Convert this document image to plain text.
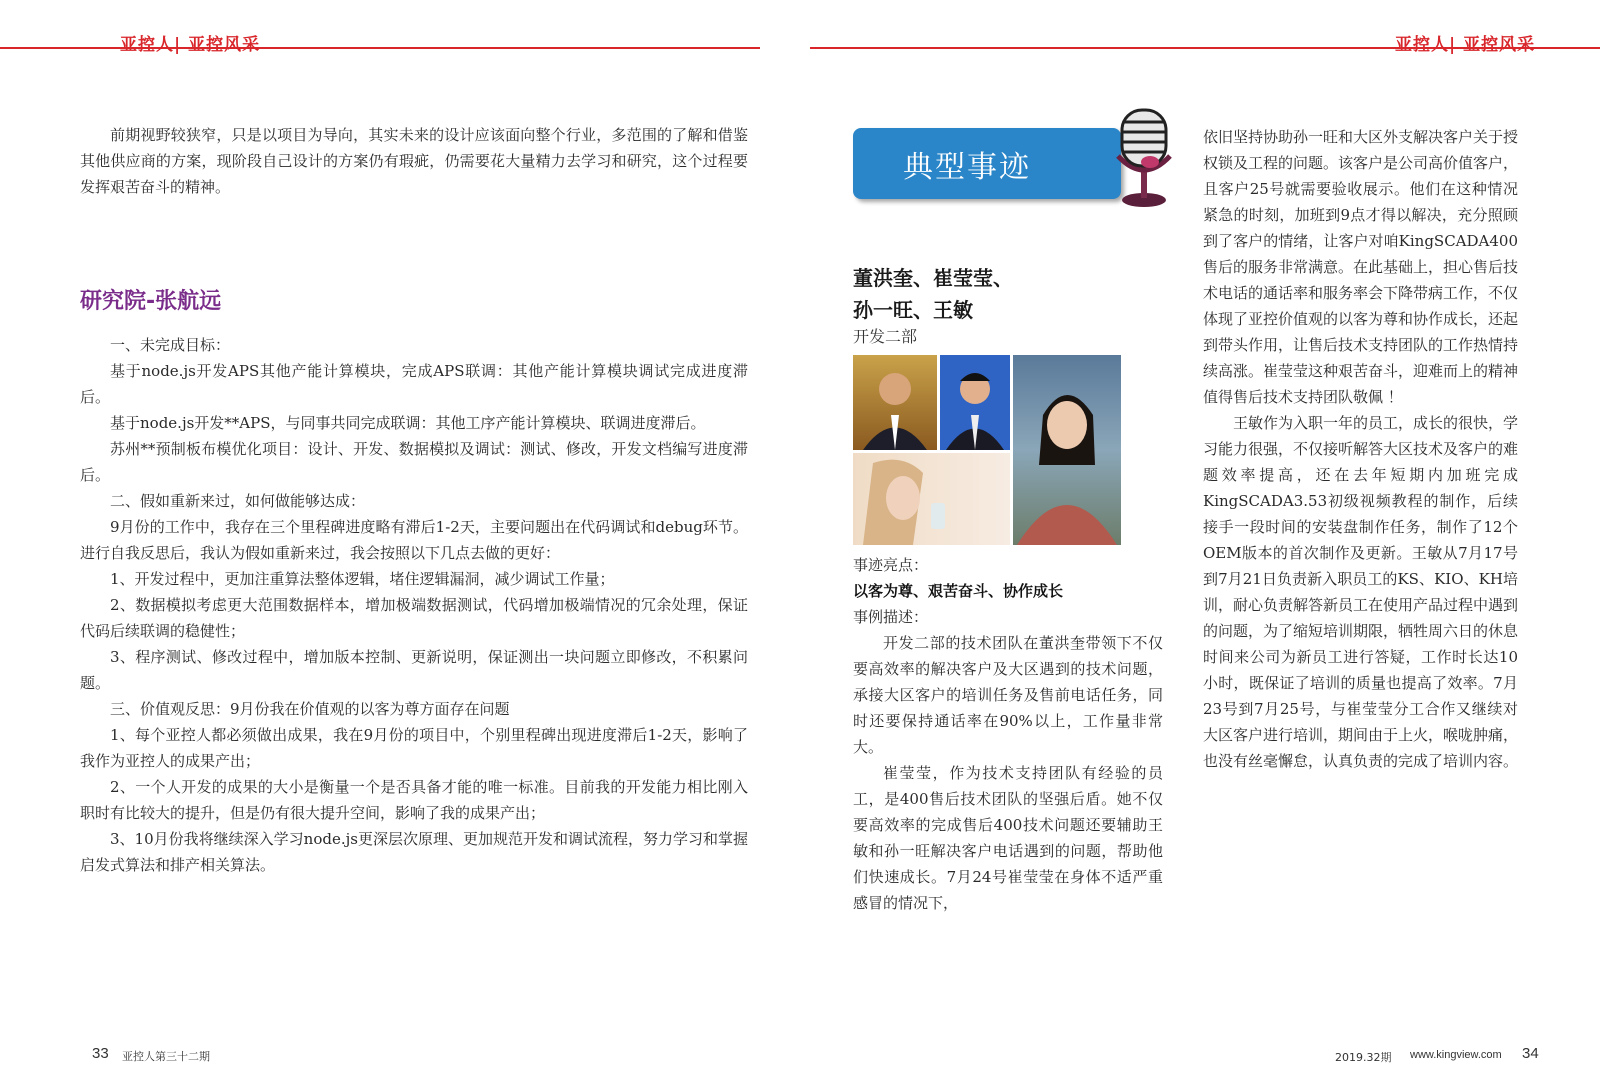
亚控人| 亚控风采	亚控人| 亚控风采

前期视野较狭窄，只是以项目为导向，其实未来的设计应该面向整个行业，多范围的了解和借鉴其他供应商的方案，现阶段自己设计的方案仍有瑕疵，仍需要花大量精力去学习和研究，这个过程要发挥艰苦奋斗的精神。

研究院-张航远

一、未完成目标：

基于node.js开发APS其他产能计算模块，完成APS联调：其他产能计算模块调试完成进度滞后。

基于node.js开发**APS，与同事共同完成联调：其他工序产能计算模块、联调进度滞后。

苏州**预制板布模优化项目：设计、开发、数据模拟及调试：测试、修改，开发文档编写进度滞后。

二、假如重新来过，如何做能够达成：

9月份的工作中，我存在三个里程碑进度略有滞后1-2天，主要问题出在代码调试和debug环节。进行自我反思后，我认为假如重新来过，我会按照以下几点去做的更好：

1、开发过程中，更加注重算法整体逻辑，堵住逻辑漏洞，减少调试工作量；

2、数据模拟考虑更大范围数据样本，增加极端数据测试，代码增加极端情况的冗余处理，保证代码后续联调的稳健性；

3、程序测试、修改过程中，增加版本控制、更新说明，保证测出一块问题立即修改，不积累问题。

三、价值观反思：9月份我在价值观的以客为尊方面存在问题

1、每个亚控人都必须做出成果，我在9月份的项目中，个别里程碑出现进度滞后1-2天，影响了我作为亚控人的成果产出；

2、一个人开发的成果的大小是衡量一个是否具备才能的唯一标准。目前我的开发能力相比刚入职时有比较大的提升，但是仍有很大提升空间，影响了我的成果产出；

3、10月份我将继续深入学习node.js更深层次原理、更加规范开发和调试流程，努力学习和掌握启发式算法和排产相关算法。

典型事迹

董洪奎、崔莹莹、
孙一旺、王敏

开发二部

事迹亮点：

以客为尊、艰苦奋斗、协作成长

事例描述：

开发二部的技术团队在董洪奎带领下不仅要高效率的解决客户及大区遇到的技术问题，承接大区客户的培训任务及售前电话任务，同时还要保持通话率在90%以上，工作量非常大。

崔莹莹，作为技术支持团队有经验的员工，是400售后技术团队的坚强后盾。她不仅要高效率的完成售后400技术问题还要辅助王敏和孙一旺解决客户电话遇到的问题，帮助他们快速成长。7月24号崔莹莹在身体不适严重感冒的情况下，

依旧坚持协助孙一旺和大区外支解决客户关于授权锁及工程的问题。该客户是公司高价值客户，且客户25号就需要验收展示。他们在这种情况紧急的时刻，加班到9点才得以解决，充分照顾到了客户的情绪，让客户对咱KingSCADA400售后的服务非常满意。在此基础上，担心售后技术电话的通话率和服务率会下降带病工作，不仅体现了亚控价值观的以客为尊和协作成长，还起到带头作用，让售后技术支持团队的工作热情持续高涨。崔莹莹这种艰苦奋斗，迎难而上的精神值得售后技术支持团队敬佩 ！

王敏作为入职一年的员工，成长的很快，学习能力很强，不仅接听解答大区技术及客户的难题效率提高，还在去年短期内加班完成KingSCADA3.53初级视频教程的制作，后续接手一段时间的安装盘制作任务，制作了12个OEM版本的首次制作及更新。王敏从7月17号到7月21日负责新入职员工的KS、KIO、KH培训，耐心负责解答新员工在使用产品过程中遇到的问题，为了缩短培训期限，牺牲周六日的休息时间来公司为新员工进行答疑，工作时长达10小时，既保证了培训的质量也提高了效率。7月23号到7月25号，与崔莹莹分工合作又继续对大区客户进行培训，期间由于上火，喉咙肿痛，也没有丝毫懈怠，认真负责的完成了培训内容。

33 亚控人第三十二期	2019.32期 www.kingview.com 34
